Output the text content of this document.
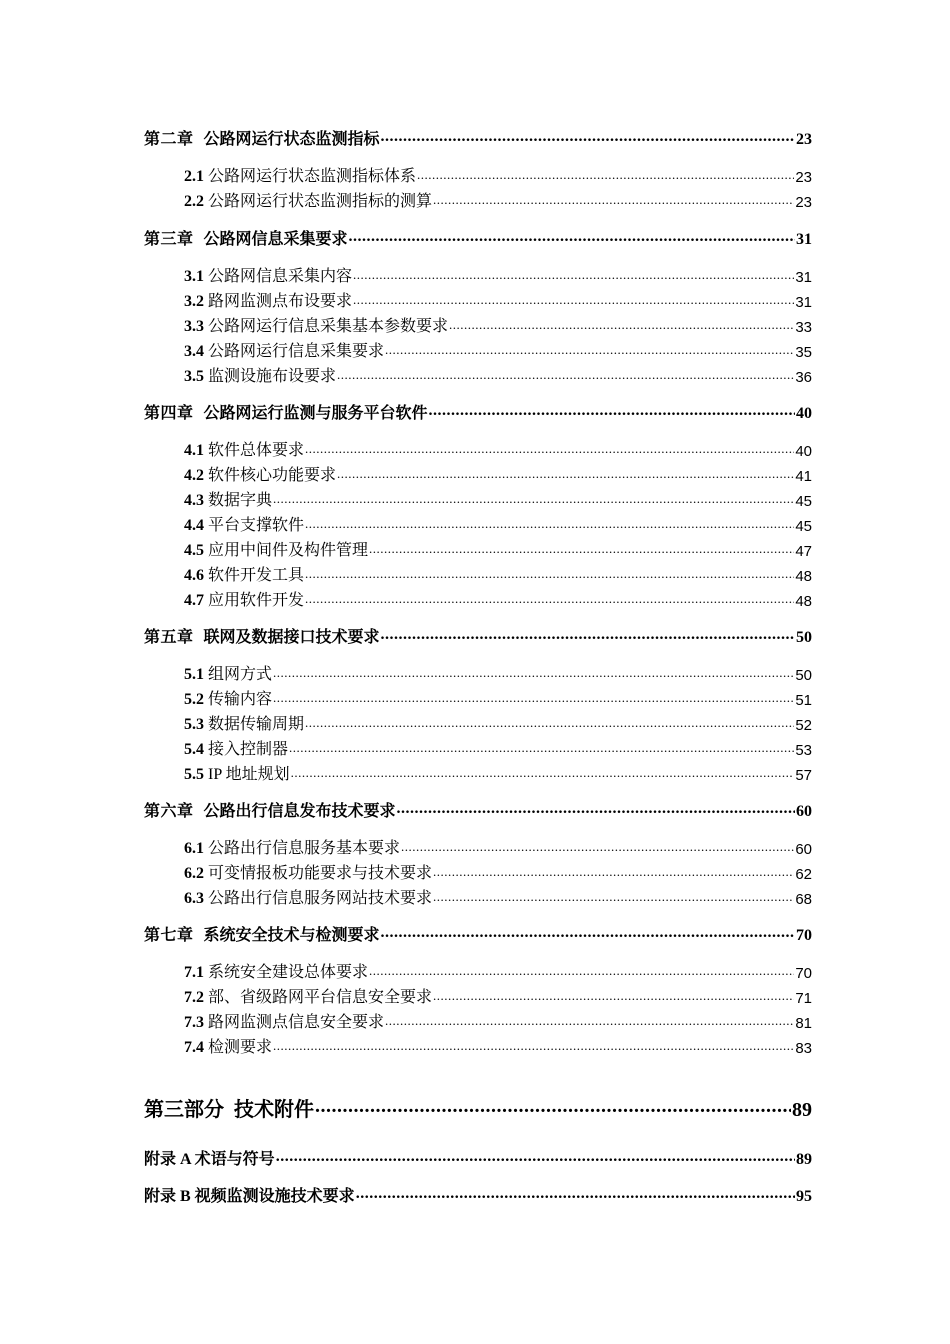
第二章 公路网运行状态监测指标 .....	23
2.1 公路网运行状态监测指标体系 .....	23
2.2 公路网运行状态监测指标的测算 .....	23
第三章 公路网信息采集要求 .....	31
3.1 公路网信息采集内容 .....	31
3.2 路网监测点布设要求 .....	31
3.3 公路网运行信息采集基本参数要求 .....	33
3.4 公路网运行信息采集要求 .....	35
3.5 监测设施布设要求 .....	36
第四章 公路网运行监测与服务平台软件 .....	40
4.1 软件总体要求 .....	40
4.2 软件核心功能要求 .....	41
4.3 数据字典 .....	45
4.4 平台支撑软件 .....	45
4.5 应用中间件及构件管理 .....	47
4.6 软件开发工具 .....	48
4.7 应用软件开发 .....	48
第五章 联网及数据接口技术要求 .....	50
5.1 组网方式 .....	50
5.2 传输内容 .....	51
5.3 数据传输周期 .....	52
5.4 接入控制器 .....	53
5.5 IP 地址规划 .....	57
第六章 公路出行信息发布技术要求 .....	60
6.1 公路出行信息服务基本要求 .....	60
6.2 可变情报板功能要求与技术要求 .....	62
6.3 公路出行信息服务网站技术要求 .....	68
第七章 系统安全技术与检测要求 .....	70
7.1 系统安全建设总体要求 .....	70
7.2 部、省级路网平台信息安全要求 .....	71
7.3 路网监测点信息安全要求 .....	81
7.4 检测要求 .....	83
第三部分 技术附件 .....	89
附录 A 术语与符号 .....	89
附录 B 视频监测设施技术要求 .....	95
